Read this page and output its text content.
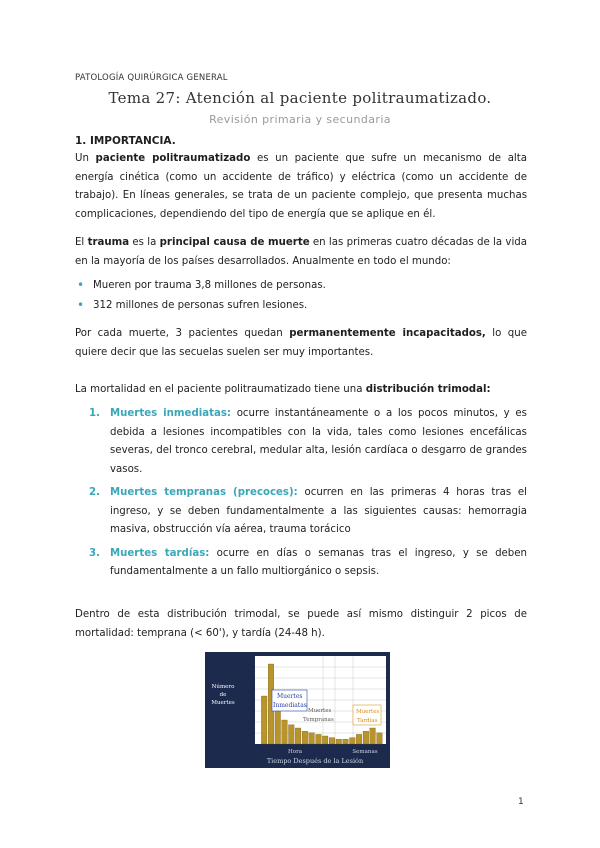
PATOLOGÍA QUIRÚRGICA GENERAL
Tema 27: Atención al paciente politraumatizado.
Revisión primaria y secundaria
1. IMPORTANCIA.
Un paciente politraumatizado es un paciente que sufre un mecanismo de alta energía cinética (como un accidente de tráfico) y eléctrica (como un accidente de trabajo). En líneas generales, se trata de un paciente complejo, que presenta muchas complicaciones, dependiendo del tipo de energía que se aplique en él.
El trauma es la principal causa de muerte en las primeras cuatro décadas de la vida en la mayoría de los países desarrollados. Anualmente en todo el mundo:
• Mueren por trauma 3,8 millones de personas.
• 312 millones de personas sufren lesiones.
Por cada muerte, 3 pacientes quedan permanentemente incapacitados, lo que quiere decir que las secuelas suelen ser muy importantes.
La mortalidad en el paciente politraumatizado tiene una distribución trimodal:
1. Muertes inmediatas: ocurre instantáneamente o a los pocos minutos, y es debida a lesiones incompatibles con la vida, tales como lesiones encefálicas severas, del tronco cerebral, medular alta, lesión cardíaca o desgarro de grandes vasos.
2. Muertes tempranas (precoces): ocurren en las primeras 4 horas tras el ingreso, y se deben fundamentalmente a las siguientes causas: hemorragia masiva, obstrucción vía aérea, trauma torácico
3. Muertes tardías: ocurre en días o semanas tras el ingreso, y se deben fundamentalmente a un fallo multiorgánico o sepsis.
Dentro de esta distribución trimodal, se puede así mismo distinguir 2 picos de mortalidad: temprana (< 60'), y tardía (24-48 h).
Número
de
Muertes
Muertes
Inmediatas
Muertes
Tempranas
Muertes
Tardías
Hora	Semanas
Tiempo Después de la Lesión
1
